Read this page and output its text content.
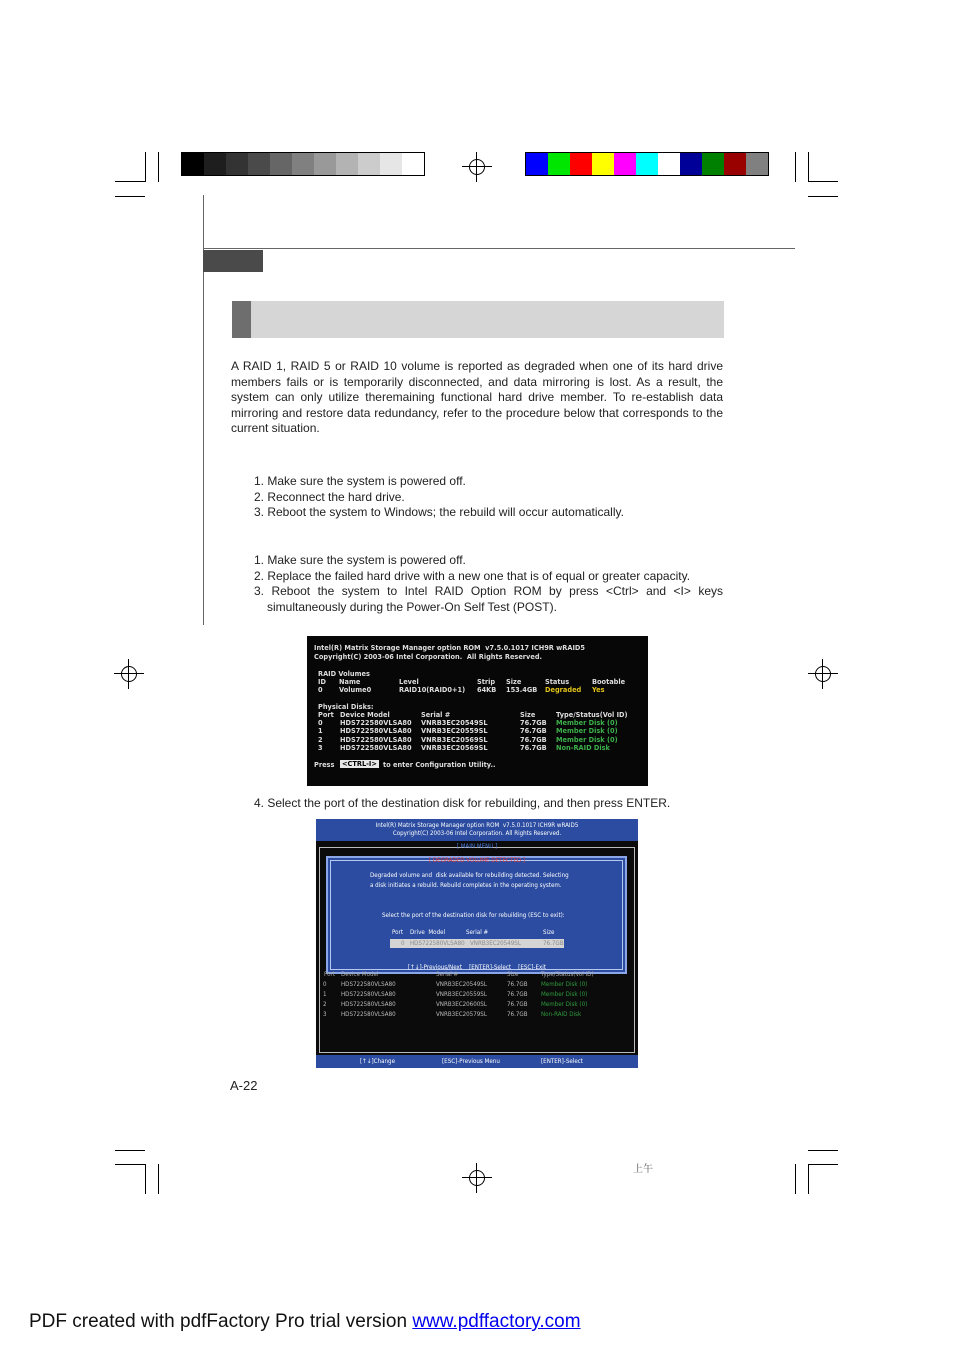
A RAID 1, RAID 5 or RAID 10 volume is reported as degraded when one of its hard drive members fails or is temporarily disconnected, and data mirroring is lost. As a result, the system can only utilize theremaining functional hard drive member. To re-establish data mirroring and restore data redundancy, refer to the procedure below that corresponds to the current situation.
1. Make sure the system is powered off.
2. Reconnect the hard drive.
3. Reboot the system to Windows; the rebuild will occur automatically.
1. Make sure the system is powered off.
2. Replace the failed hard drive with a new one that is of equal or greater capacity.
3. Reboot the system to Intel RAID Option ROM by press <Ctrl> and <I> keys simultaneously during the Power-On Self Test (POST).
Intel(R) Matrix Storage Manager option ROM  v7.5.0.1017 ICH9R wRAID5
Copyright(C) 2003-06 Intel Corporation.  All Rights Reserved.
RAID Volumes
ID Name	Level	Strip Size	Status	Bootable
0 Volume0	RAID10(RAID0+1) 64KB 153.4GB Degraded Yes
Physical Disks:
Port Device Model	Serial #	Size	Type/Status(Vol ID)
0	HDS722580VLSA80 VNRB3EC20549SL	76.7GB Member Disk (0)
1	HDS722580VLSA80 VNRB3EC20559SL	76.7GB Member Disk (0)
2	HDS722580VLSA80 VNRB3EC20569SL	76.7GB Member Disk (0)
3	HDS722580VLSA80 VNRB3EC20569SL	76.7GB Non-RAID Disk
Press	<CTRL-I> to enter Configuration Utility..
4. Select the port of the destination disk for rebuilding, and then press ENTER.
Intel(R) Matrix Storage Manager option ROM  v7.5.0.1017 ICH9R wRAID5
Copyright(C) 2003-06 Intel Corporation. All Rights Reserved.
[ MAIN MENU ]
[ DEGRADED VOLUME DETECTED ]
Degraded volume and  disk available for rebuilding detected. Selecting
a disk initiates a rebuild. Rebuild completes in the operating system.
Select the port of the destination disk for rebuilding (ESC to exit):
Port Drive  Model	Serial #	Size
0 HDS722580VLSA80 VNRB3EC20549SL	76.7GB
[↑↓]-Previous/Next    [ENTER]-Select    [ESC]-Exit
Port Device Model	Serial #	Size	Type/Status(Vol ID)
0 HDS722580VLSA80	VNRB3EC20549SL	76.7GB Member Disk (0)
1 HDS722580VLSA80	VNRB3EC20559SL	76.7GB Member Disk (0)
2 HDS722580VLSA80	VNRB3EC20600SL	76.7GB Member Disk (0)
3 HDS722580VLSA80	VNRB3EC20579SL	76.7GB Non-RAID Disk
[↑↓]Change	[ESC]-Previous Menu	[ENTER]-Select
A-22
上午
PDF created with pdfFactory Pro trial version www.pdffactory.com
